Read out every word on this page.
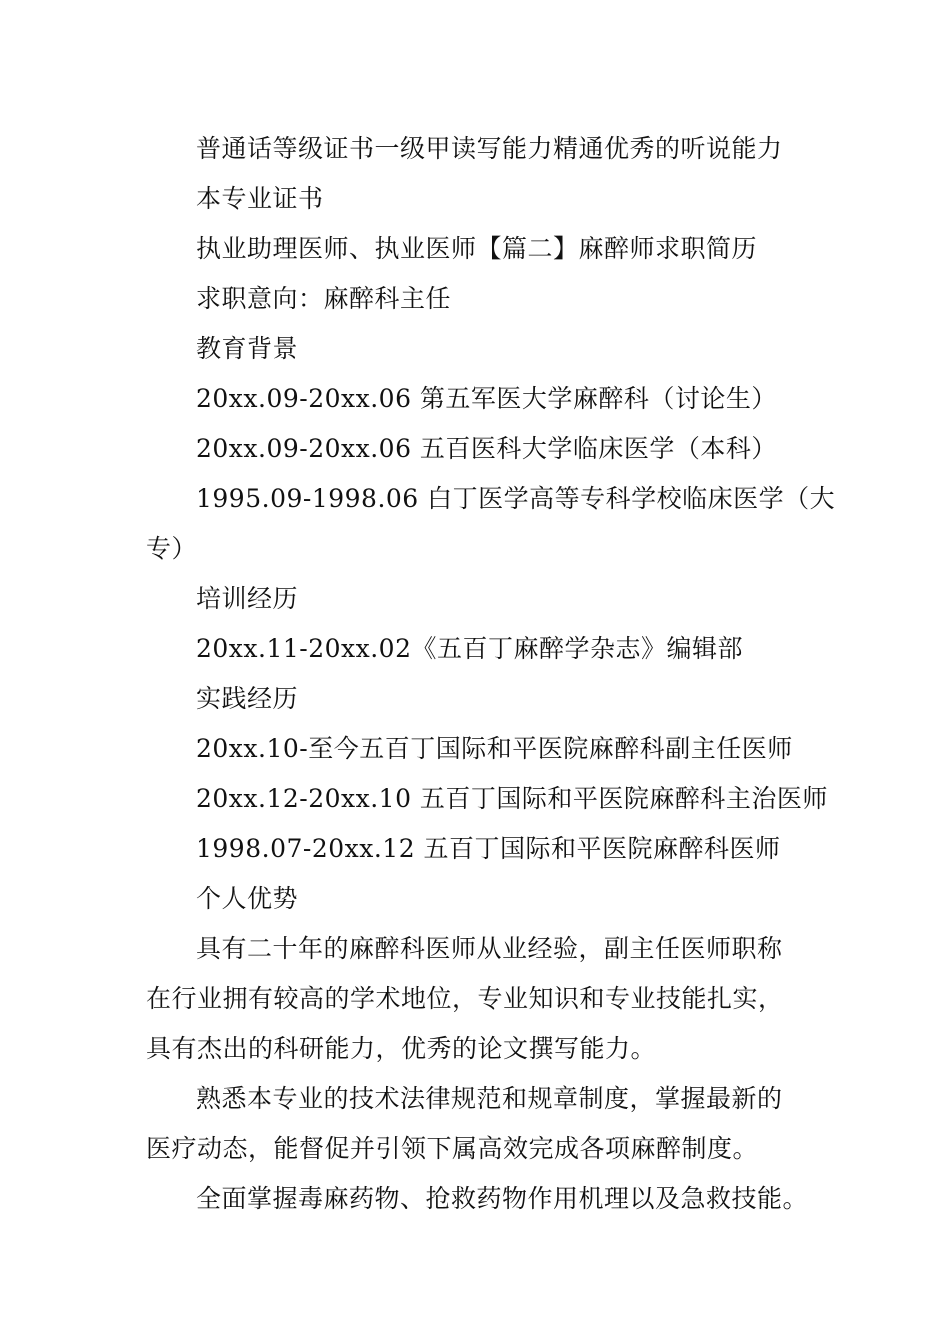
普通话等级证书一级甲读写能力精通优秀的听说能力
本专业证书
执业助理医师、执业医师【篇二】麻醉师求职简历
求职意向：麻醉科主任
教育背景
20xx.09-20xx.06 第五军医大学麻醉科（讨论生）
20xx.09-20xx.06 五百医科大学临床医学（本科）
1995.09-1998.06 白丁医学高等专科学校临床医学（大
专）
培训经历
20xx.11-20xx.02《五百丁麻醉学杂志》编辑部
实践经历
20xx.10-至今五百丁国际和平医院麻醉科副主任医师
20xx.12-20xx.10 五百丁国际和平医院麻醉科主治医师
1998.07-20xx.12 五百丁国际和平医院麻醉科医师
个人优势
具有二十年的麻醉科医师从业经验，副主任医师职称
在行业拥有较高的学术地位，专业知识和专业技能扎实，
具有杰出的科研能力，优秀的论文撰写能力。
熟悉本专业的技术法律规范和规章制度，掌握最新的
医疗动态，能督促并引领下属高效完成各项麻醉制度。
全面掌握毒麻药物、抢救药物作用机理以及急救技能。
